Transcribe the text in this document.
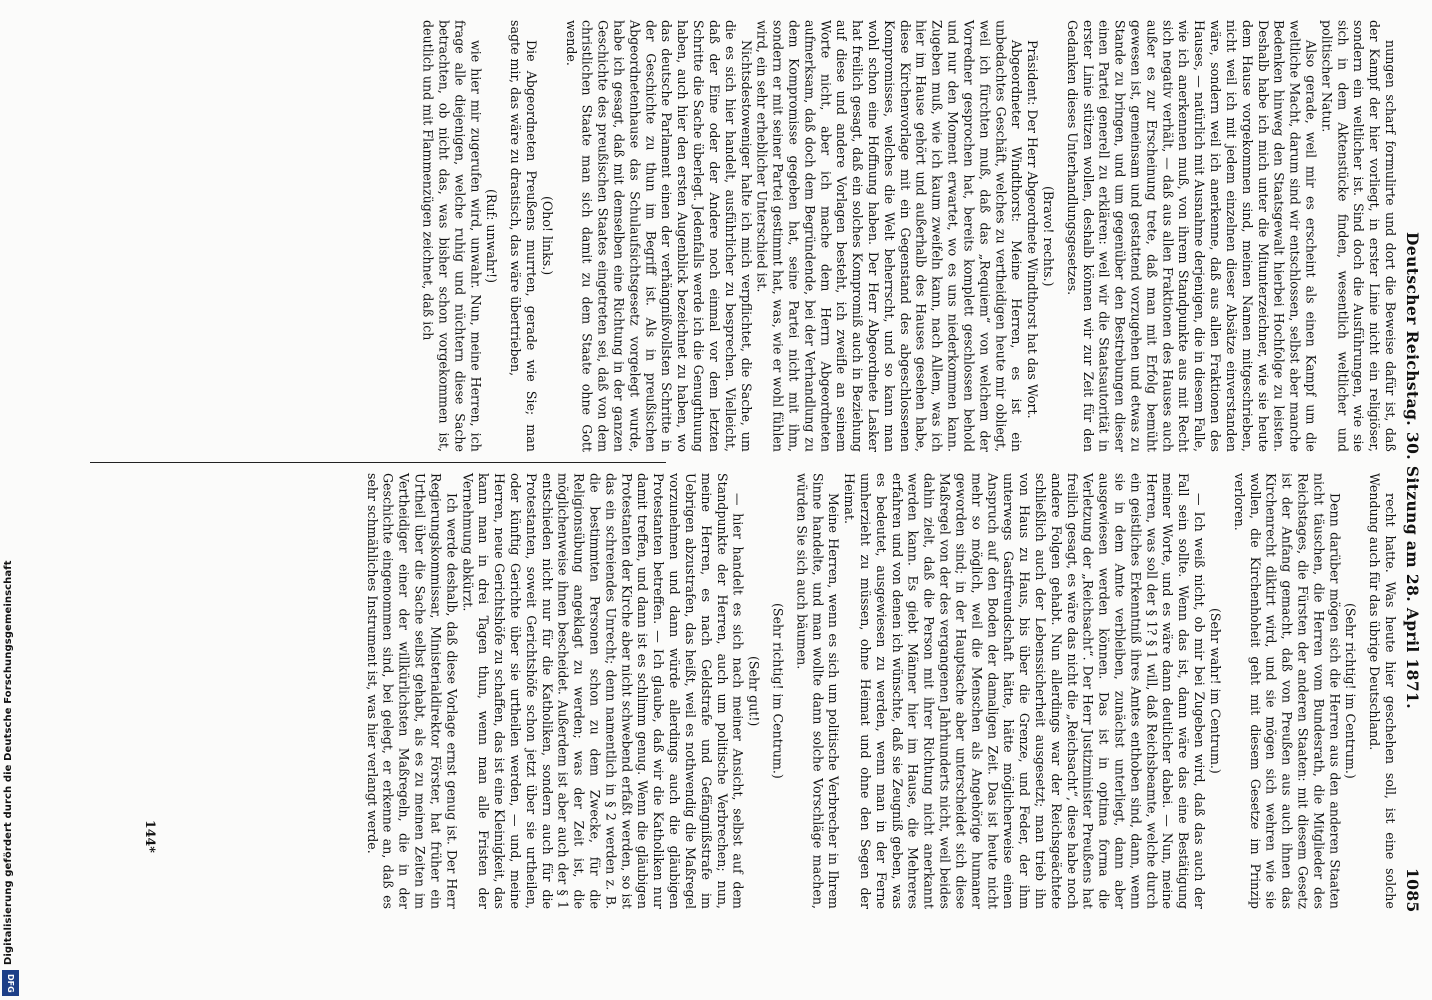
Deutscher Reichstag. 30. Sitzung am 28. April 1871.
1085

nungen scharf formulirte und dort die Beweise dafür ist, daß der Kampf der hier vorliegt, in erster Linie nicht ein religiöser, sondern ein weltlicher ist. Sind doch die Ausführungen, wie sie sich in dem Aktenstücke finden, wesentlich weltlicher und politischer Natur.

Also gerade, weil mir es erscheint als einen Kampf um die weltliche Macht, darum sind wir entschlossen, selbst aber manche Bedenken hinweg den Staatsgewalt hierbei Hochfolge zu leisten. Deshalb habe ich mich unter die Mitunterzeichner, wie sie heute dem Hause vorgekommen sind, meinen Namen mitgeschrieben, nicht weil ich mit jedem einzelnen dieser Absätze einverstanden wäre, sondern weil ich anerkenne, daß aus allen Fraktionen des Hauses, — natürlich mit Ausnahme derjenigen, die in diesem Falle, wie ich anerkennen muß, von ihrem Standpunkte aus mit Recht sich negativ verhält, — daß aus allen Fraktionen des Hauses auch außer es zur Erscheinung trete, daß man mit Erfolg bemüht gewesen ist, gemeinsam und gestattend vorzugehen und etwas zu Stande zu bringen, und um gegenüber den Bestrebungen dieser einen Partei generell zu erklären: weil wir die Staatsautorität in erster Linie stützen wollen, deshalb können wir zur Zeit für den Gedanken dieses Unterhandlungsgesetzes.

(Bravo! rechts.)

Präsident: Der Herr Abgeordnete Windthorst hat das Wort.

Abgeordneter Windthorst: Meine Herren, es ist ein unbedachtes Geschäft, welches zu vertheidigen heute mir obliegt, weil ich fürchten muß, daß das „Requiem“ von welchem der Vorredner gesprochen hat, bereits komplett geschlossen behold und nur den Moment erwartet, wo es uns niederkommen kann. Zugeben muß, wie ich kaum zweifeln kann, nach Allem, was ich hier im Hause gehört und außerhalb des Hauses gesehen habe, diese Kirchenvorlage mit ein Gegenstand des abgeschlossenen Kompromisses, welches die Welt beherrscht, und so kann man wohl schon eine Hoffnung haben. Der Herr Abgeordnete Lasker hat freilich gesagt, daß ein solches Kompromiß auch in Beziehung auf diese und andere Vorlagen besteht, ich zweifle an seinem Worte nicht, aber ich mache dem Herrn Abgeordneten aufmerksam, daß doch dem Begründende, bei der Verhandlung zu dem Kompromisse gegeben hat, seine Partei nicht mit ihm, sondern er mit seiner Partei gestimmt hat, was, wie er wohl fühlen wird, ein sehr erheblicher Unterschied ist.

Nichtsdestoweniger halte ich mich verpflichtet, die Sache, um die es sich hier handelt, ausführlicher zu besprechen. Vielleicht, daß der Eine oder der Andere noch einmal vor dem letzten Schritte die Sache überlegt. Jedenfalls werde ich die Genugthuung haben, auch hier den ersten Augenblick bezeichnet zu haben, wo das deutsche Parlament einen der verhängnißvollsten Schritte in der Geschichte zu thun im Begriff ist. Als in preußischen Abgeordnetenhause das Schulaufsichtsgesetz vorgelegt wurde, habe ich gesagt, daß mit demselben eine Richtung in der ganzen Geschichte des preußischen Staates eingetreten sei, daß von dem christlichen Staate man sich damit zu dem Staate ohne Gott wende.

(Oho! links.)

Die Abgeordneten Preußens murrten, gerade wie Sie; man sagte mir, das wäre zu drastisch, das wäre übertrieben,

(Ruf: unwahr!)

wie hier mir zugerufen wird, unwahr. Nun, meine Herren, ich frage alle diejenigen, welche ruhig und nüchtern diese Sache betrachten, ob nicht das, was bisher schon vorgekommen ist, deutlich und mit Flammenzügen zeichnet, daß ich

recht hatte. Was heute hier geschehen soll, ist eine solche Wendung auch für das übrige Deutschland.

(Sehr richtig! im Centrum.)

Denn darüber mögen sich die Herren aus den anderen Staaten nicht täuschen, die Herren vom Bundesrath, die Mitglieder des Reichstages, die Fürsten der anderen Staaten: mit diesem Gesetz ist der Anfang gemacht, daß von Preußen aus auch ihnen das Kirchenrecht diktirt wird, und sie mögen sich wehren wie sie wollen, die Kirchenhoheit geht mit diesem Gesetze im Prinzip verloren.

(Sehr wahr! im Centrum.)

— Ich weiß nicht, ob mir bei Zugeben wird, daß das auch der Fall sein sollte. Wenn das ist, dann wäre das eine Bestätigung meiner Worte, und es wäre dann deutlicher dabei. — Nun, meine Herren, was soll der § 1? § 1 will, daß Reichsbeamte, welche durch ein geistliches Erkenntniß ihres Amtes enthoben sind, dann, wenn sie in dem Amte verbleiben, zunächst unterliegt, dann aber ausgewiesen werden können. Das ist in optima forma die Verletzung der „Reichsacht“. Der Herr Justizminister Preußens hat freilich gesagt, es wäre das nicht die „Reichsacht“, diese habe noch andere Folgen gehabt. Nun allerdings war der Reichsgeächtete schließlich auch der Lebenssicherheit ausgesetzt; man trieb ihn von Haus zu Haus, bis über die Grenze, und Feder, der ihm unterwegs Gastfreundschaft hätte, hätte möglicherweise einen Anspruch auf den Boden der damaligen Zeit. Das ist heute nicht mehr so möglich, weil die Menschen als Angehörige humaner geworden sind; in der Hauptsache aber unterscheidet sich diese Maßregel von der des vergangenen Jahrhunderts nicht, weil beides dahin zielt, daß die Person mit ihrer Richtung nicht anerkannt werden kann. Es giebt Männer hier im Hause, die Mehreres erfahren und von denen ich wünschte, daß sie Zeugniß geben, was es bedeutet, ausgewiesen zu werden, wenn man in der Ferne umherzieht zu müssen, ohne Heimat und ohne den Segen der Heimat.

Meine Herren, wenn es sich um politische Verbrecher in Ihrem Sinne handelte, und man wollte dann solche Vorschläge machen, würden Sie sich auch bäumen.

(Sehr richtig! im Centrum.)

(Sehr gut!)

— hier handelt es sich nach meiner Ansicht, selbst auf dem Standpunkte der Herren, auch um politische Verbrechen; nun, meine Herren, es nach Geldstrafe und Gefängnißstrafe im Uebrigen abzustrafen, das heißt, weil es nothwendig die Maßregel vorzunehmen und dann würde allerdings auch die gläubigen Protestanten betreffen. — Ich glaube, daß wir die Katholiken nur damit treffen, und dann ist es schlimm genug. Wenn die gläubigen Protestanten der Kirche aber nicht schwebend erfaßt werden, so ist das ein schreiendes Unrecht; denn namentlich in § 2 werden z. B. die bestimmten Personen schon zu dem Zwecke, für die Religionsübung angeklagt zu werden; was der Zeit ist, die möglichenweise ihnen bescheidet. Außerdem ist aber auch der § 1 entschieden nicht nur für die Katholiken, sondern auch für die Protestanten, soweit Gerichtshöfe schon jetzt über sie urtheilen, oder künftig Gerichte über sie urtheilen werden, — und, meine Herren, neue Gerichtshöfe zu schaffen, das ist eine Kleinigkeit, das kann man in drei Tagen thun, wenn man alle Fristen der Vernehmung abkürzt.

Ich werde deshalb, daß diese Vorlage ernst genug ist. Der Herr Regierungskommissar, Ministerialdirektor Förster, hat früher ein Urtheil über die Sache selbst gehabt, als es zu meinen Zeiten im Vertheidiger einer der willkürlichsten Maßregeln, die in der Geschichte eingenommen sind, bei gelegt, er erkenne an, daß es sehr schmähliches Instrument ist, was hier verlangt werde.

144*
Digitalisierung gefördert durch die Deutsche Forschungsgemeinschaft
DFG
